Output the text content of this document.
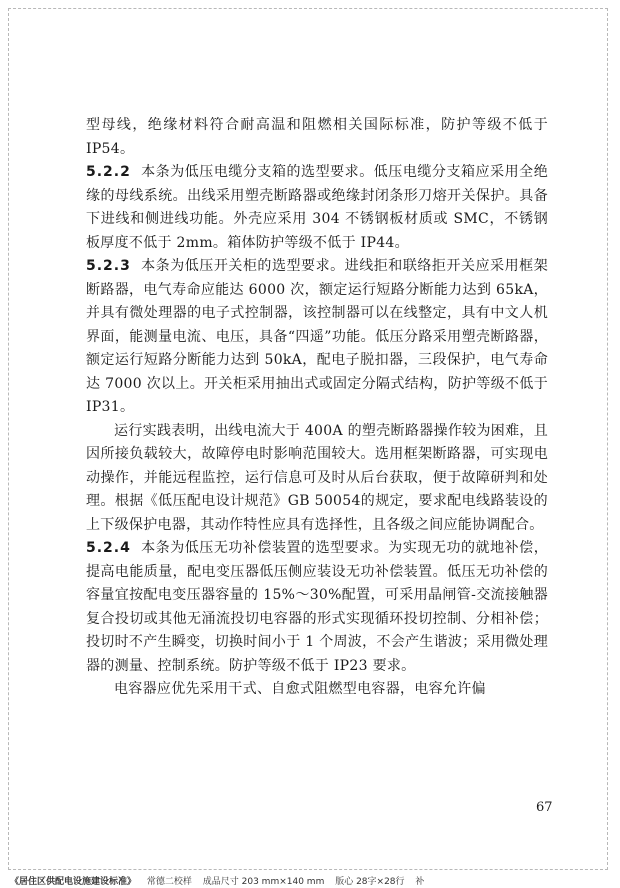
型母线，绝缘材料符合耐高温和阻燃相关国际标准，防护等级不低于 IP54。

5.2.2 本条为低压电缆分支箱的选型要求。低压电缆分支箱应采用全绝缘的母线系统。出线采用塑壳断路器或绝缘封闭条形刀熔开关保护。具备下进线和侧进线功能。外壳应采用 304 不锈钢板材质或 SMC，不锈钢板厚度不低于 2mm。箱体防护等级不低于 IP44。

5.2.3 本条为低压开关柜的选型要求。进线拒和联络拒开关应采用框架断路器，电气寿命应能达 6000 次，额定运行短路分断能力达到 65kA，并具有微处理器的电子式控制器，该控制器可以在线整定，具有中文人机界面，能测量电流、电压，具备“四遥”功能。低压分路采用塑壳断路器，额定运行短路分断能力达到 50kA，配电子脱扣器，三段保护，电气寿命达 7000 次以上。开关柜采用抽出式或固定分隔式结构，防护等级不低于 IP31。

运行实践表明，出线电流大于 400A 的塑壳断路器操作较为困难，且因所接负载较大，故障停电时影响范围较大。选用框架断路器，可实现电动操作，并能远程监控，运行信息可及时从后台获取，便于故障研判和处理。根据《低压配电设计规范》GB 50054的规定，要求配电线路装设的上下级保护电器，其动作特性应具有选择性，且各级之间应能协调配合。

5.2.4 本条为低压无功补偿装置的选型要求。为实现无功的就地补偿，提高电能质量，配电变压器低压侧应装设无功补偿装置。低压无功补偿的容量宜按配电变压器容量的 15%～30%配置，可采用晶闸管-交流接触器复合投切或其他无涌流投切电容器的形式实现循环投切控制、分相补偿；投切时不产生瞬变，切换时间小于 1 个周波，不会产生谐波；采用微处理器的测量、控制系统。防护等级不低于 IP23 要求。

电容器应优先采用干式、自愈式阻燃型电容器，电容允许偏

67
《居住区供配电设施建设标准》 常德二校样 成品尺寸 203 mm×140 mm 版心 28字×28行 补
